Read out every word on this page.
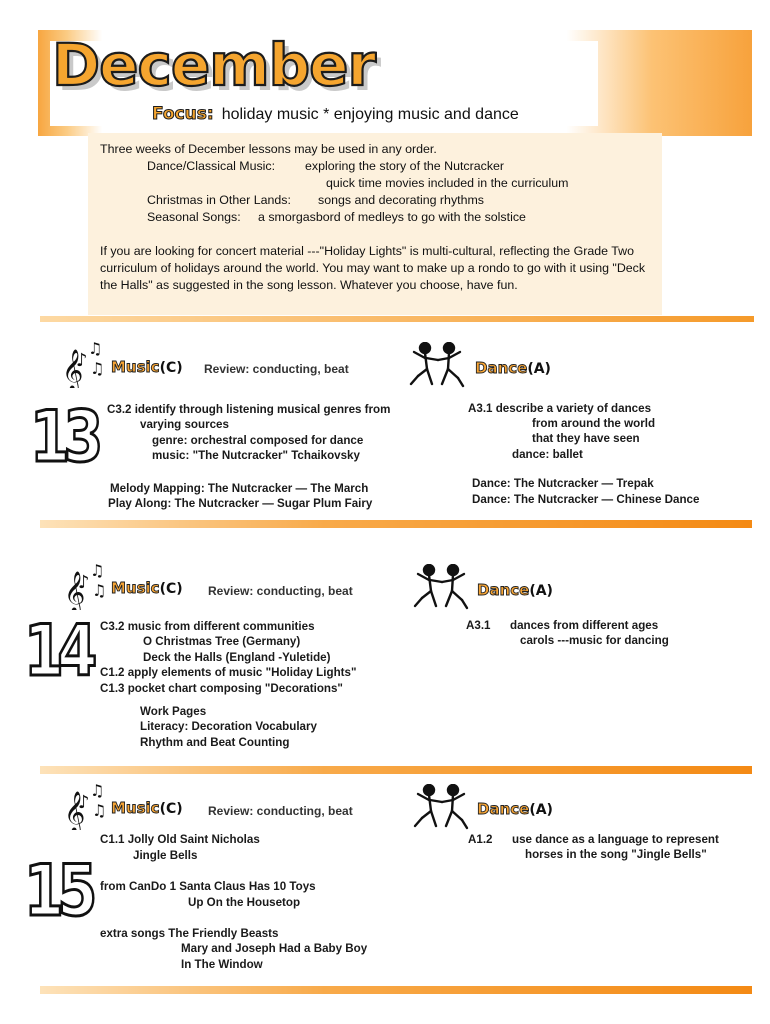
December
Focus: holiday music * enjoying music and dance
Three weeks of December lessons may be used in any order.
Dance/Classical Music: exploring the story of the Nutcracker
quick time movies included in the curriculum
Christmas in Other Lands: songs and decorating rhythms
Seasonal Songs: a smorgasbord of medleys to go with the solstice
If you are looking for concert material ---"Holiday Lights" is multi-cultural, reflecting the Grade Two curriculum of holidays around the world. You may want to make up a rondo to go with it using "Deck the Halls" as suggested in the song lesson. Whatever you choose, have fun.
13
Music(C) Review: conducting, beat	Dance(A)
C3.2 identify through listening musical genres from
varying sources
genre: orchestral composed for dance
music: "The Nutcracker" Tchaikovsky
Melody Mapping: The Nutcracker — The March
Play Along: The Nutcracker — Sugar Plum Fairy
A3.1 describe a variety of dances
from around the world
that they have seen
dance: ballet
Dance: The Nutcracker — Trepak
Dance: The Nutcracker — Chinese Dance
14
Music(C) Review: conducting, beat	Dance(A)
C3.2 music from different communities
O Christmas Tree (Germany)
Deck the Halls (England -Yuletide)
C1.2 apply elements of music "Holiday Lights"
C1.3 pocket chart composing "Decorations"
Work Pages
Literacy: Decoration Vocabulary
Rhythm and Beat Counting
A3.1 dances from different ages
carols ---music for dancing
15
Music(C) Review: conducting, beat	Dance(A)
C1.1 Jolly Old Saint Nicholas
Jingle Bells
from CanDo 1 Santa Claus Has 10 Toys
Up On the Housetop
extra songs The Friendly Beasts
Mary and Joseph Had a Baby Boy
In The Window
A1.2 use dance as a language to represent
horses in the song "Jingle Bells"
